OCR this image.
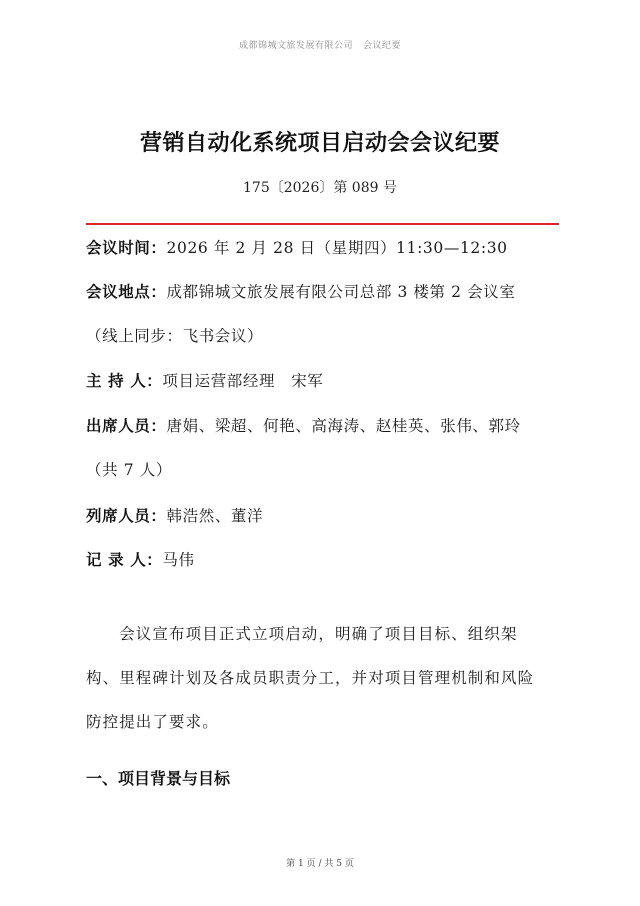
成都锦城文旅发展有限公司 会议纪要
营销自动化系统项目启动会会议纪要
175〔2026〕第 089 号
会议时间：2026 年 2 月 28 日（星期四）11:30—12:30
会议地点：成都锦城文旅发展有限公司总部 3 楼第 2 会议室
（线上同步：飞书会议）
主 持 人：项目运营部经理　宋军
出席人员：唐娟、梁超、何艳、高海涛、赵桂英、张伟、郭玲
（共 7 人）
列席人员：韩浩然、董洋
记 录 人：马伟
　　会议宣布项目正式立项启动，明确了项目目标、组织架
构、里程碑计划及各成员职责分工，并对项目管理机制和风险
防控提出了要求。
一、项目背景与目标
第 1 页 / 共 5 页
